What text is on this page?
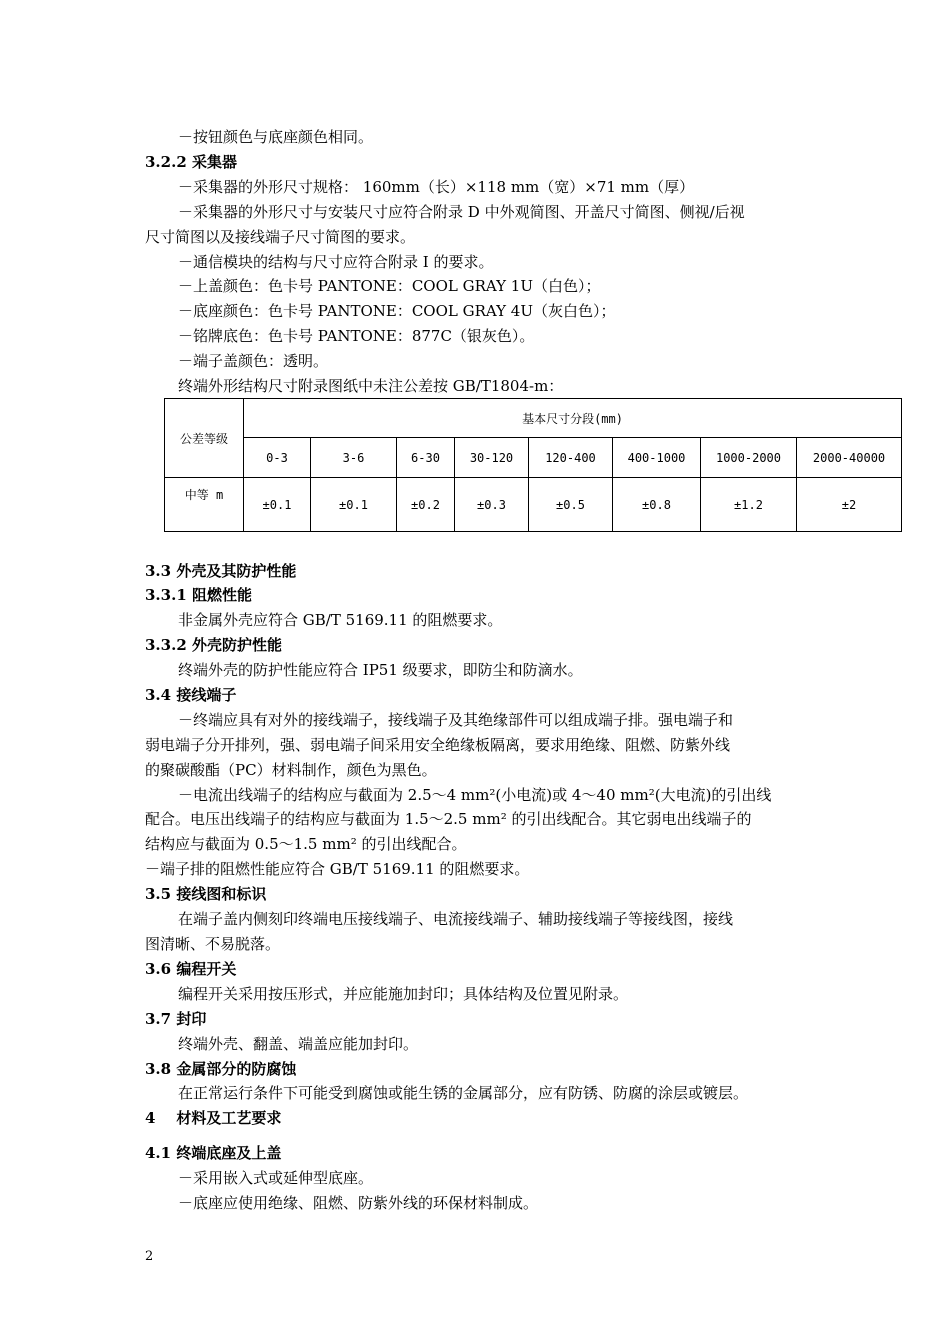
－按钮颜色与底座颜色相同。
3.2.2 采集器
－采集器的外形尺寸规格： 160mm（长）×118 mm（宽）×71 mm（厚）
－采集器的外形尺寸与安装尺寸应符合附录 D 中外观简图、开盖尺寸简图、侧视/后视
尺寸简图以及接线端子尺寸简图的要求。
－通信模块的结构与尺寸应符合附录 I 的要求。
－上盖颜色：色卡号 PANTONE：COOL GRAY 1U（白色）；
－底座颜色：色卡号 PANTONE：COOL GRAY 4U（灰白色）；
－铭牌底色：色卡号 PANTONE：877C（银灰色）。
－端子盖颜色：透明。
终端外形结构尺寸附录图纸中未注公差按 GB/T1804-m：
公差等级	基本尺寸分段(mm)							
	0-3	3-6	6-30	30-120	120-400	400-1000	1000-2000	2000-40000
中等 m	±0.1	±0.1	±0.2	±0.3	±0.5	±0.8	±1.2	±2
3.3 外壳及其防护性能
3.3.1 阻燃性能
非金属外壳应符合 GB/T 5169.11 的阻燃要求。
3.3.2 外壳防护性能
终端外壳的防护性能应符合 IP51 级要求，即防尘和防滴水。
3.4 接线端子
－终端应具有对外的接线端子，接线端子及其绝缘部件可以组成端子排。强电端子和
弱电端子分开排列，强、弱电端子间采用安全绝缘板隔离，要求用绝缘、阻燃、防紫外线
的聚碳酸酯（PC）材料制作，颜色为黑色。
－电流出线端子的结构应与截面为 2.5～4 mm²(小电流)或 4～40 mm²(大电流)的引出线
配合。电压出线端子的结构应与截面为 1.5～2.5 mm² 的引出线配合。其它弱电出线端子的
结构应与截面为 0.5～1.5 mm² 的引出线配合。
－端子排的阻燃性能应符合 GB/T 5169.11 的阻燃要求。
3.5 接线图和标识
在端子盖内侧刻印终端电压接线端子、电流接线端子、辅助接线端子等接线图，接线
图清晰、不易脱落。
3.6 编程开关
编程开关采用按压形式，并应能施加封印；具体结构及位置见附录。
3.7 封印
终端外壳、翻盖、端盖应能加封印。
3.8 金属部分的防腐蚀
在正常运行条件下可能受到腐蚀或能生锈的金属部分，应有防锈、防腐的涂层或镀层。
4    材料及工艺要求
4.1 终端底座及上盖
－采用嵌入式或延伸型底座。
－底座应使用绝缘、阻燃、防紫外线的环保材料制成。
2
